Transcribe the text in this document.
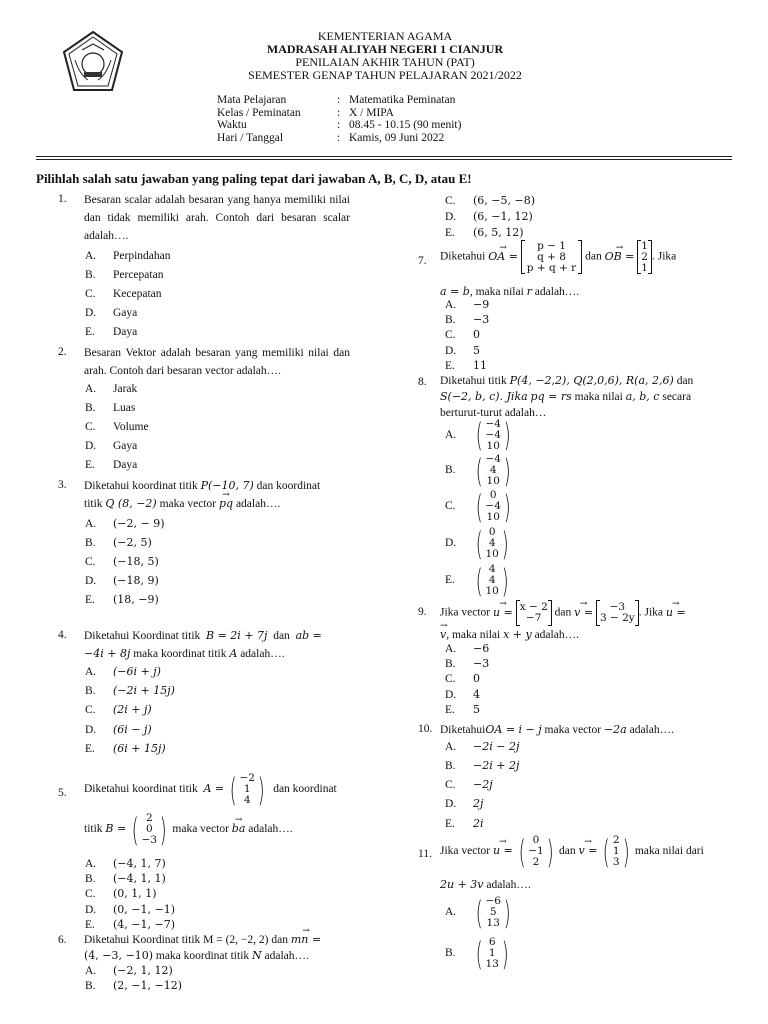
KEMENTERIAN AGAMA
MADRASAH ALIYAH NEGERI 1 CIANJUR
PENILAIAN AKHIR TAHUN (PAT)
SEMESTER GENAP TAHUN PELAJARAN 2021/2022
Mata Pelajaran	: Matematika Peminatan
Kelas / Peminatan	: X / MIPA
Waktu	: 08.45 - 10.15 (90 menit)
Hari / Tanggal	: Kamis, 09 Juni 2022
Pilihlah salah satu jawaban yang paling tepat dari jawaban A, B, C, D, atau E!
1. Besaran scalar adalah besaran yang hanya memiliki nilai dan tidak memiliki arah. Contoh dari besaran scalar adalah….
A. Perpindahan
B. Percepatan
C. Kecepatan
D. Gaya
E. Daya
2. Besaran Vektor adalah besaran yang memiliki nilai dan arah. Contoh dari besaran vector adalah….
A. Jarak
B. Luas
C. Volume
D. Gaya
E. Daya
3. Diketahui koordinat titik P(−10, 7) dan koordinat
titik Q (8, −2) maka vector → pq adalah….
A. (−2, − 9)
B. (−2, 5)
C. (−18, 5)
D. (−18, 9)
E. (18, −9)
4. Diketahui Koordinat titik B = 2i + 7j dan ab =
−4i + 8j maka koordinat titik A adalah….
A. (−6i + j)
B. (−2i + 15j)
C. (2i + j)
D. (6i − j)
E. (6i + 15j)
5. Diketahui koordinat titik A = ( −2
1
4 ) dan koordinat
titik B = ( 2
0
−3 ) maka vector → ba adalah….
A. (−4, 1, 7)
B. (−4, 1, 1)
C. (0, 1, 1)
D. (0, −1, −1)
E. (4, −1, −7)
6. Diketahui Koordinat titik M = (2, −2, 2) dan → mn =
(4, −3, −10) maka koordinat titik N adalah….
A. (−2, 1, 12)
B. (2, −1, −12)
C. (6, −5, −8)
D. (6, −1, 12)
E. (6, 5, 12)
7. Diketahui → OA =
p − 1
q + 8
p + q + r
dan → OB =
1
2
1
. Jika
a = b, maka nilai r adalah….
A. −9
B. −3
C. 0
D. 5
E. 11
8. Diketahui titik P(4, −2,2), Q(2,0,6), R(a, 2,6) dan
S(−2, b, c). Jika pq = rs maka nilai a, b, c secara
berturut-turut adalah…
A. ( −4
−4
10 )
B. ( −4
4
10 )
C. ( 0
−4
10 )
D. ( 0
4
10 )
E. ( 4
4
10 )
9. Jika vector → u = x − 2
−7	dan → v =	−3
3 − 2y . Jika → u =
→ v, maka nilai x + y adalah….
A. −6
B. −3
C. 0
D. 4
E. 5
10. DiketahuiOA = i − j maka vector −2a adalah….
A. −2i − 2j
B. −2i + 2j
C. −2j
D. 2j
E. 2i
11. Jika vector → u = ( 0
−1
2 ) dan → v = ( 2
1
3 ) maka nilai dari
2u + 3v adalah….
A. ( −6
5
13 )
B. ( 6
1
13 )
